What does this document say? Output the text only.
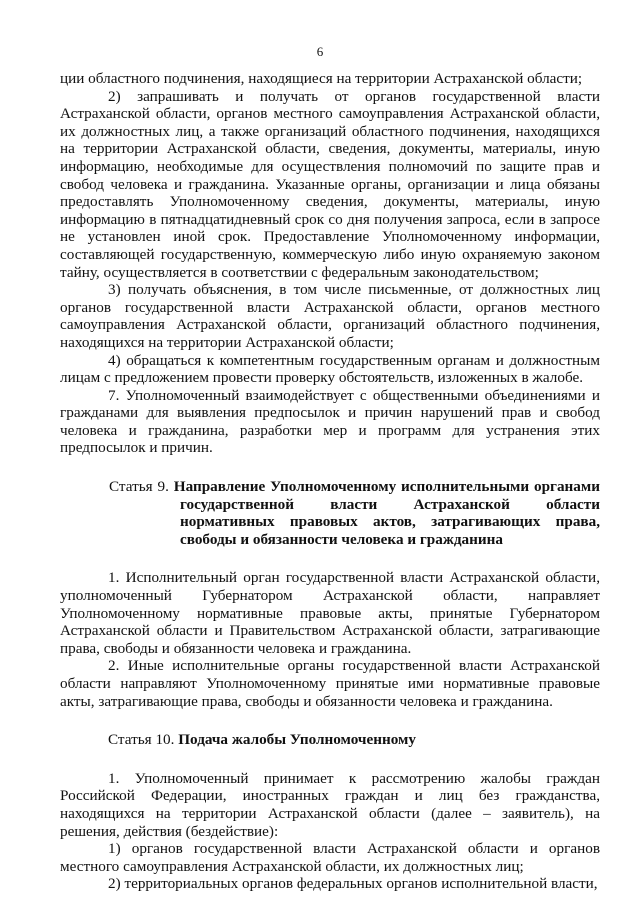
6

ции областного подчинения, находящиеся на территории Астраханской области;

2) запрашивать и получать от органов государственной власти Астраханской области, органов местного самоуправления Астраханской области, их должностных лиц, а также организаций областного подчинения, находящихся на территории Астраханской области, сведения, документы, материалы, иную информацию, необходимые для осуществления полномочий по защите прав и свобод человека и гражданина. Указанные органы, организации и лица обязаны предоставлять Уполномоченному сведения, документы, материалы, иную информацию в пятнадцатидневный срок со дня получения запроса, если в запросе не установлен иной срок. Предоставление Уполномоченному информации, составляющей государственную, коммерческую либо иную охраняемую законом тайну, осуществляется в соответствии с федеральным законодательством;

3) получать объяснения, в том числе письменные, от должностных лиц органов государственной власти Астраханской области, органов местного самоуправления Астраханской области, организаций областного подчинения, находящихся на территории Астраханской области;

4) обращаться к компетентным государственным органам и должностным лицам с предложением провести проверку обстоятельств, изложенных в жалобе.

7. Уполномоченный взаимодействует с общественными объединениями и гражданами для выявления предпосылок и причин нарушений прав и свобод человека и гражданина, разработки мер и программ для устранения этих предпосылок и причин.

Статья 9. Направление Уполномоченному исполнительными органами государственной власти Астраханской области нормативных правовых актов, затрагивающих права, свободы и обязанности человека и гражданина

1. Исполнительный орган государственной власти Астраханской области, уполномоченный Губернатором Астраханской области, направляет Уполномоченному нормативные правовые акты, принятые Губернатором Астраханской области и Правительством Астраханской области, затрагивающие права, свободы и обязанности человека и гражданина.

2. Иные исполнительные органы государственной власти Астраханской области направляют Уполномоченному принятые ими нормативные правовые акты, затрагивающие права, свободы и обязанности человека и гражданина.

Статья 10. Подача жалобы Уполномоченному

1. Уполномоченный принимает к рассмотрению жалобы граждан Российской Федерации, иностранных граждан и лиц без гражданства, находящихся на территории Астраханской области (далее – заявитель), на решения, действия (бездействие):

1) органов государственной власти Астраханской области и органов местного самоуправления Астраханской области, их должностных лиц;

2) территориальных органов федеральных органов исполнительной власти,
